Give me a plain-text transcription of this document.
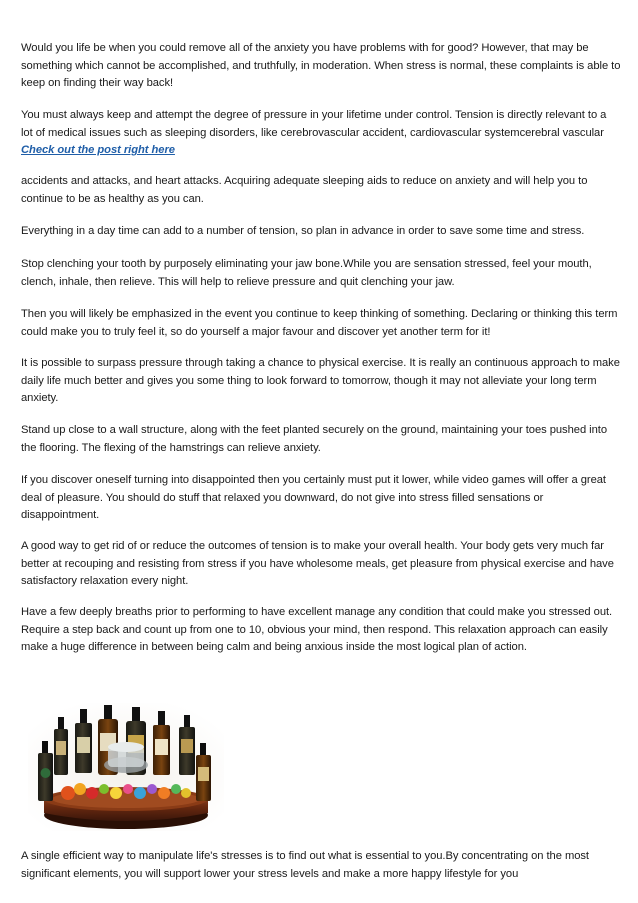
Would you life be when you could remove all of the anxiety you have problems with for good? However, that may be something which cannot be accomplished, and truthfully, in moderation. When stress is normal, these complaints is able to keep on finding their way back!

You must always keep and attempt the degree of pressure in your lifetime under control. Tension is directly relevant to a lot of medical issues such as sleeping disorders, like cerebrovascular accident, cardiovascular systemcerebral vascular Check out the post right here

accidents and attacks, and heart attacks. Acquiring adequate sleeping aids to reduce on anxiety and will help you to continue to be as healthy as you can.

Everything in a day time can add to a number of tension, so plan in advance in order to save some time and stress.

Stop clenching your tooth by purposely eliminating your jaw bone.While you are sensation stressed, feel your mouth, clench, inhale, then relieve. This will help to relieve pressure and quit clenching your jaw.

Then you will likely be emphasized in the event you continue to keep thinking of something. Declaring or thinking this term could make you to truly feel it, so do yourself a major favour and discover yet another term for it!

It is possible to surpass pressure through taking a chance to physical exercise. It is really an continuous approach to make daily life much better and gives you some thing to look forward to tomorrow, though it may not alleviate your long term anxiety.

Stand up close to a wall structure, along with the feet planted securely on the ground, maintaining your toes pushed into the flooring. The flexing of the hamstrings can relieve anxiety.

If you discover oneself turning into disappointed then you certainly must put it lower, while video games will offer a great deal of pleasure. You should do stuff that relaxed you downward, do not give into stress filled sensations or disappointment.

A good way to get rid of or reduce the outcomes of tension is to make your overall health. Your body gets very much far better at recouping and resisting from stress if you have wholesome meals, get pleasure from physical exercise and have satisfactory relaxation every night.

Have a few deeply breaths prior to performing to have excellent manage any condition that could make you stressed out. Require a step back and count up from one to 10, obvious your mind, then respond. This relaxation approach can easily make a huge difference in between being calm and being anxious inside the most logical plan of action.

A single efficient way to manipulate life's stresses is to find out what is essential to you.By concentrating on the most significant elements, you will support lower your stress levels and make a more happy lifestyle for you
